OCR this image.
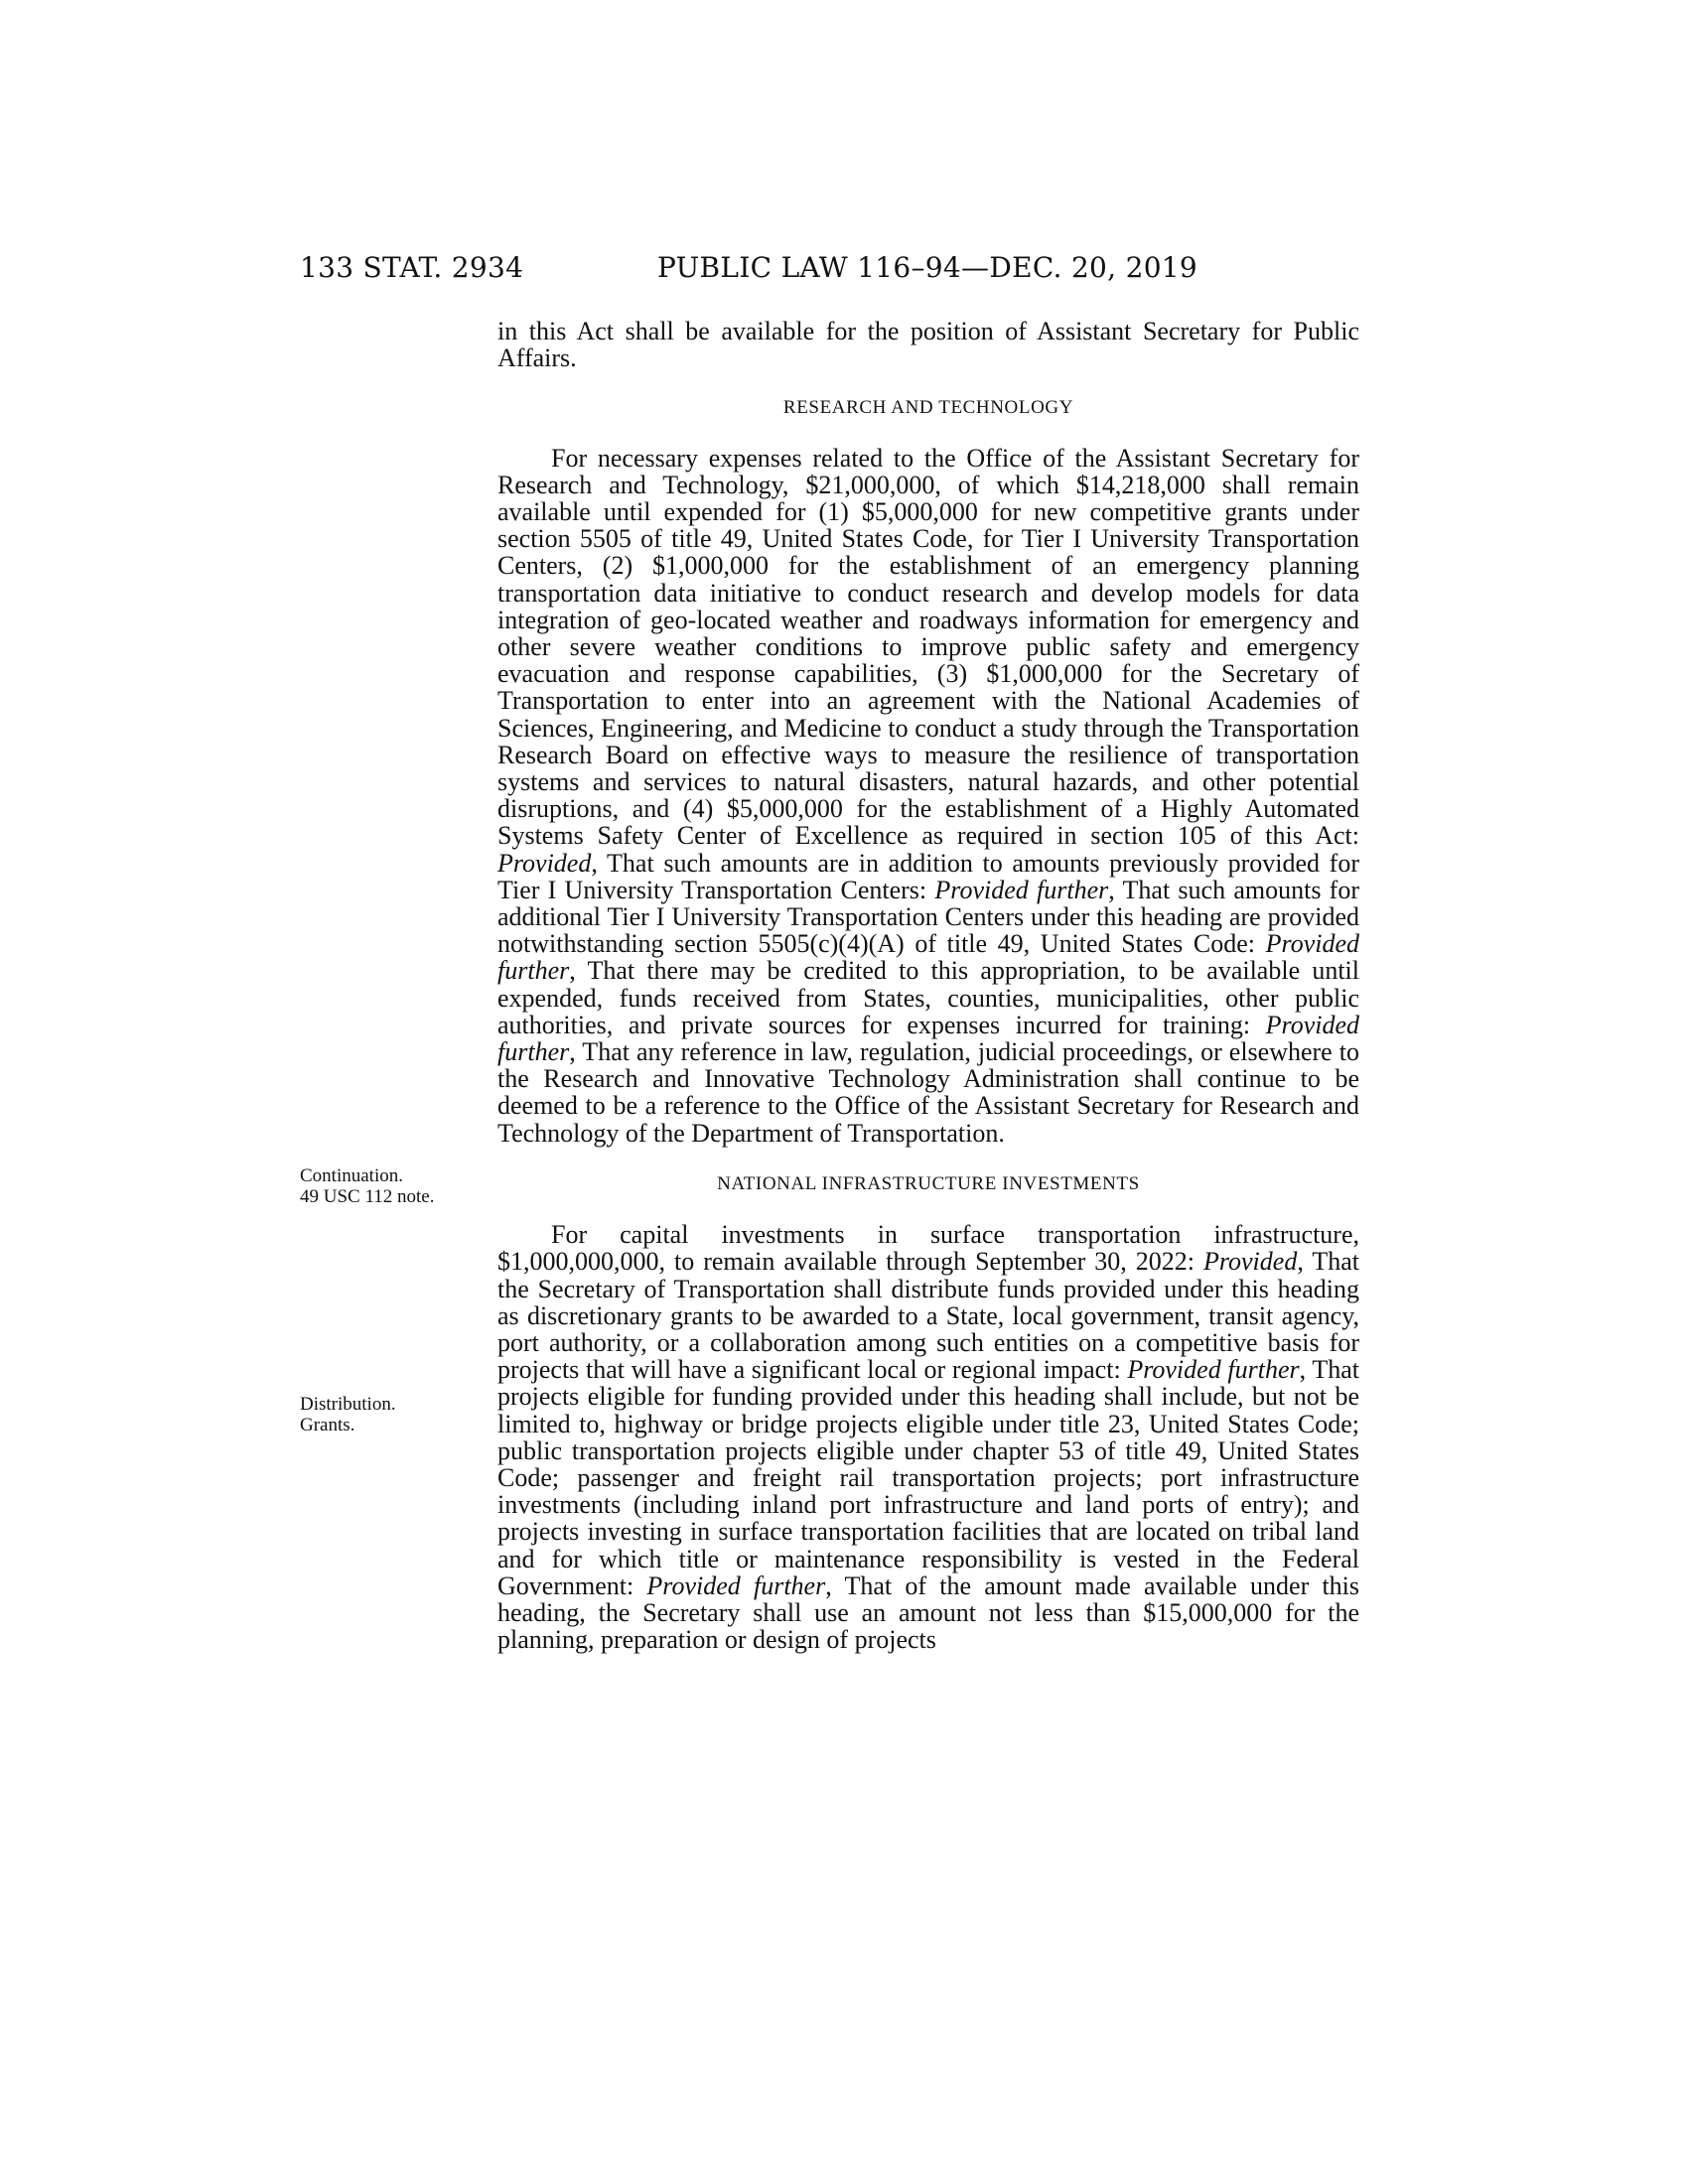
133 STAT. 2934	PUBLIC LAW 116–94—DEC. 20, 2019
Continuation.
49 USC 112 note.
Distribution.
Grants.

in this Act shall be available for the position of Assistant Secretary for Public Affairs.

RESEARCH AND TECHNOLOGY

For necessary expenses related to the Office of the Assistant Secretary for Research and Technology, $21,000,000, of which $14,218,000 shall remain available until expended for (1) $5,000,000 for new competitive grants under section 5505 of title 49, United States Code, for Tier I University Transportation Centers, (2) $1,000,000 for the establishment of an emergency planning transportation data initiative to conduct research and develop models for data integration of geo-located weather and roadways information for emergency and other severe weather conditions to improve public safety and emergency evacuation and response capabilities, (3) $1,000,000 for the Secretary of Transportation to enter into an agreement with the National Academies of Sciences, Engineering, and Medicine to conduct a study through the Transportation Research Board on effective ways to measure the resilience of transportation systems and services to natural disasters, natural hazards, and other potential disruptions, and (4) $5,000,000 for the establishment of a Highly Automated Systems Safety Center of Excellence as required in section 105 of this Act: Provided, That such amounts are in addition to amounts previously provided for Tier I University Transportation Centers: Provided further, That such amounts for additional Tier I University Transportation Centers under this heading are provided notwithstanding section 5505(c)(4)(A) of title 49, United States Code: Provided further, That there may be credited to this appropriation, to be available until expended, funds received from States, counties, municipalities, other public authorities, and private sources for expenses incurred for training: Provided further, That any reference in law, regulation, judicial proceedings, or elsewhere to the Research and Innovative Technology Administration shall continue to be deemed to be a reference to the Office of the Assistant Secretary for Research and Technology of the Department of Transportation.

NATIONAL INFRASTRUCTURE INVESTMENTS

For capital investments in surface transportation infrastructure, $1,000,000,000, to remain available through September 30, 2022: Provided, That the Secretary of Transportation shall distribute funds provided under this heading as discretionary grants to be awarded to a State, local government, transit agency, port authority, or a collaboration among such entities on a competitive basis for projects that will have a significant local or regional impact: Provided further, That projects eligible for funding provided under this heading shall include, but not be limited to, highway or bridge projects eligible under title 23, United States Code; public transportation projects eligible under chapter 53 of title 49, United States Code; passenger and freight rail transportation projects; port infrastructure investments (including inland port infrastructure and land ports of entry); and projects investing in surface transportation facilities that are located on tribal land and for which title or maintenance responsibility is vested in the Federal Government: Provided further, That of the amount made available under this heading, the Secretary shall use an amount not less than $15,000,000 for the planning, preparation or design of projects
